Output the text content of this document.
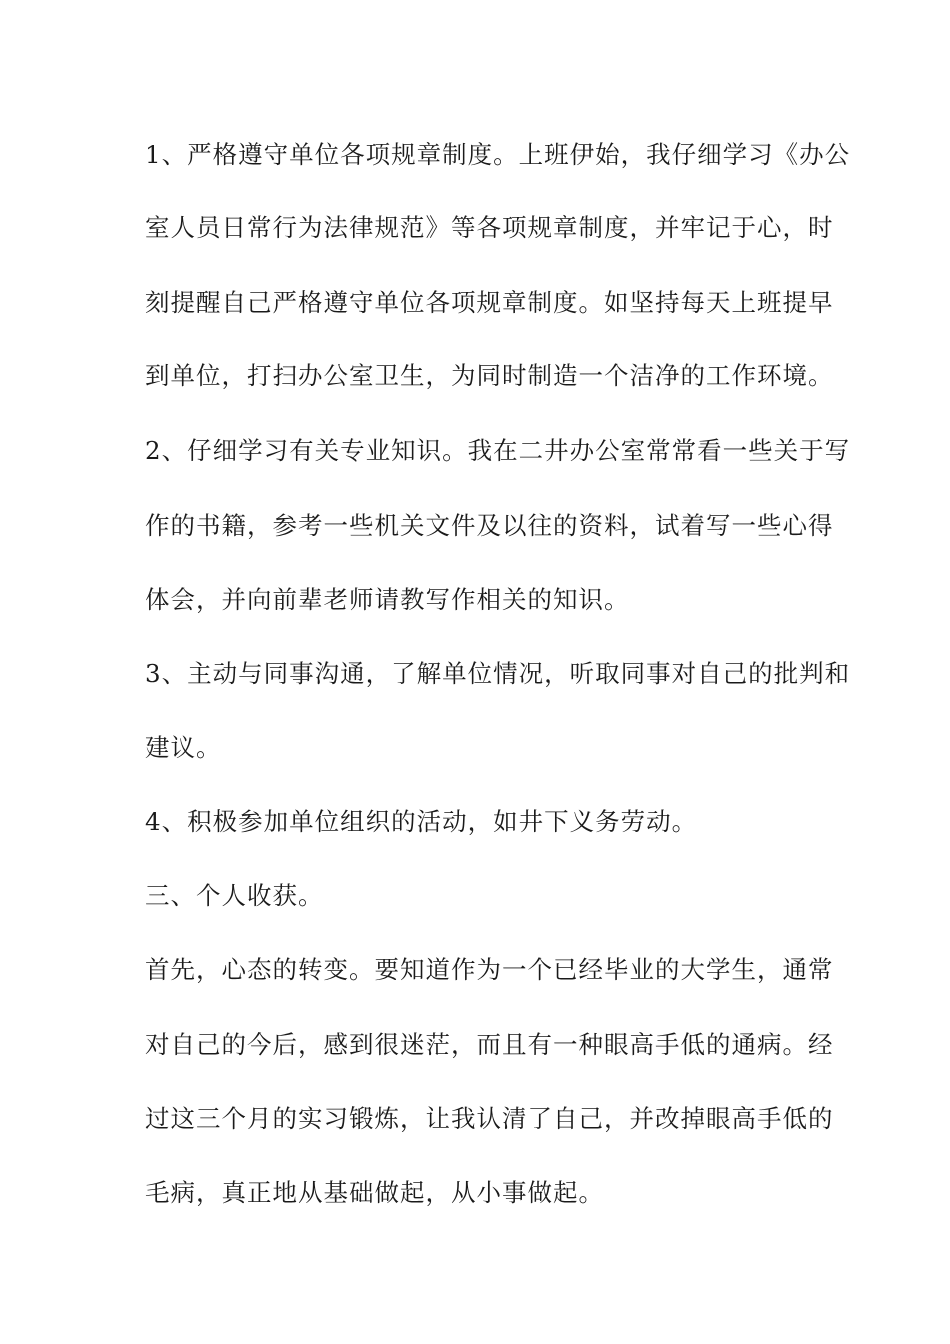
1、严格遵守单位各项规章制度。上班伊始，我仔细学习《办公
室人员日常行为法律规范》等各项规章制度，并牢记于心，时
刻提醒自己严格遵守单位各项规章制度。如坚持每天上班提早
到单位，打扫办公室卫生，为同时制造一个洁净的工作环境。
2、仔细学习有关专业知识。我在二井办公室常常看一些关于写
作的书籍，参考一些机关文件及以往的资料，试着写一些心得
体会，并向前辈老师请教写作相关的知识。
3、主动与同事沟通，了解单位情况，听取同事对自己的批判和
建议。
4、积极参加单位组织的活动，如井下义务劳动。
三、个人收获。
首先，心态的转变。要知道作为一个已经毕业的大学生，通常
对自己的今后，感到很迷茫，而且有一种眼高手低的通病。经
过这三个月的实习锻炼，让我认清了自己，并改掉眼高手低的
毛病，真正地从基础做起，从小事做起。
